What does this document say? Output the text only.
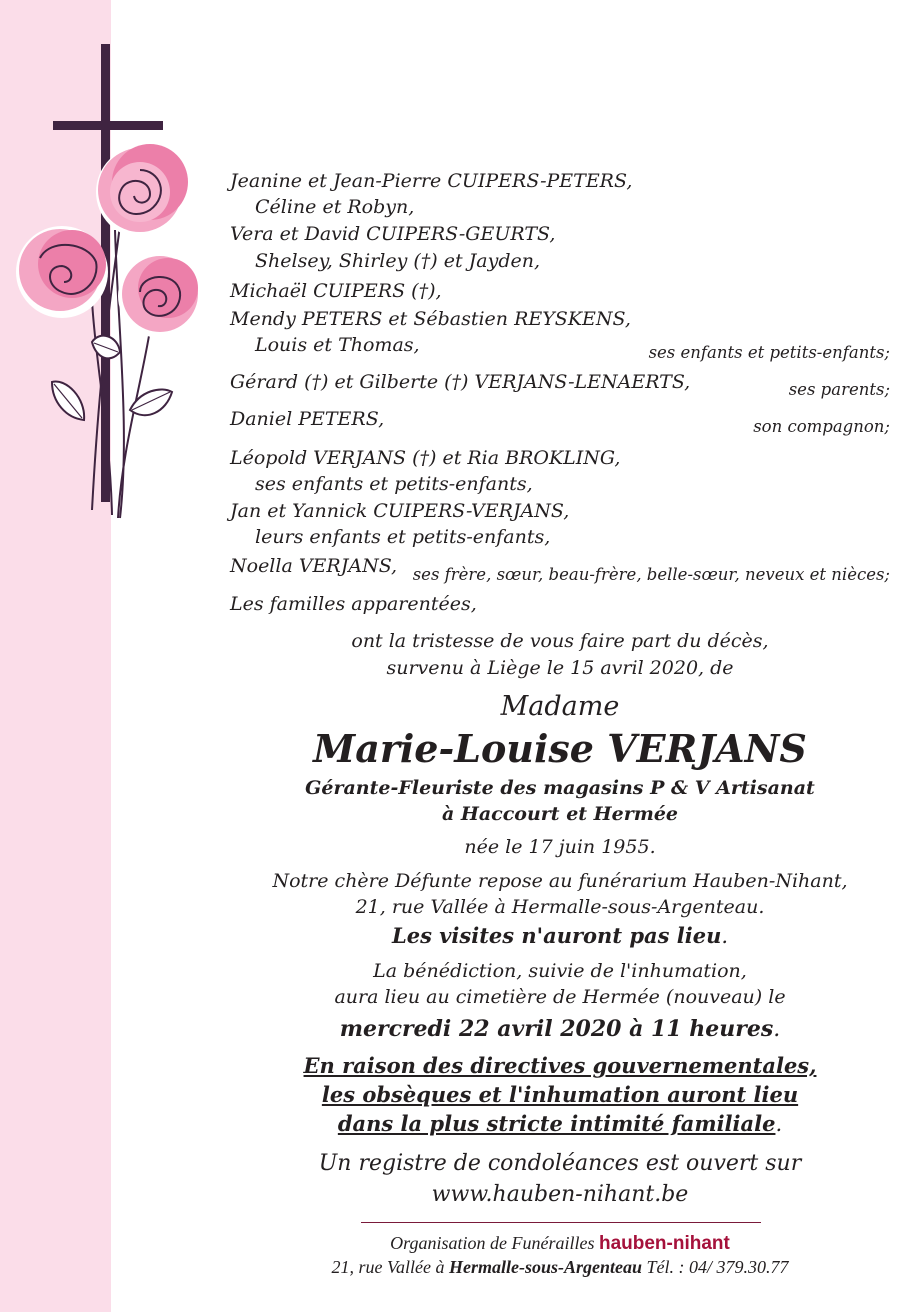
Jeanine et Jean-Pierre CUIPERS-PETERS,
Céline et Robyn,
Vera et David CUIPERS-GEURTS,
Shelsey, Shirley (†) et Jayden,
Michaël CUIPERS (†),
Mendy PETERS et Sébastien REYSKENS,
Louis et Thomas,	ses enfants et petits-enfants;
Gérard (†) et Gilberte (†) VERJANS-LENAERTS,	ses parents;
Daniel PETERS,	son compagnon;
Léopold VERJANS (†) et Ria BROKLING,
ses enfants et petits-enfants,
Jan et Yannick CUIPERS-VERJANS,
leurs enfants et petits-enfants,
Noella VERJANS, ses frère, sœur, beau-frère, belle-sœur, neveux et nièces;
Les familles apparentées,
ont la tristesse de vous faire part du décès,
survenu à Liège le 15 avril 2020, de
Madame
Marie-Louise VERJANS
Gérante-Fleuriste des magasins P & V Artisanat
à Haccourt et Hermée
née le 17 juin 1955.
Notre chère Défunte repose au funérarium Hauben-Nihant,
21, rue Vallée à Hermalle-sous-Argenteau.
Les visites n'auront pas lieu.
La bénédiction, suivie de l'inhumation,
aura lieu au cimetière de Hermée (nouveau) le
mercredi 22 avril 2020 à 11 heures.
En raison des directives gouvernementales,
les obsèques et l'inhumation auront lieu
dans la plus stricte intimité familiale.
Un registre de condoléances est ouvert sur
www.hauben-nihant.be
Organisation de Funérailles hauben-nihant
21, rue Vallée à Hermalle-sous-Argenteau Tél. : 04/ 379.30.77
